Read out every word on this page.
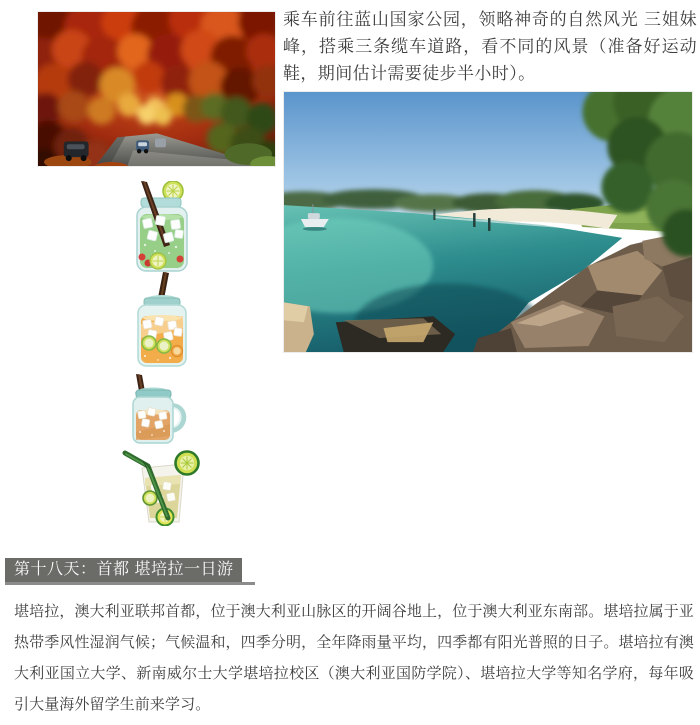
乘车前往蓝山国家公园，领略神奇的自然风光 三姐妹峰，搭乘三条缆车道路，看不同的风景（准备好运动鞋，期间估计需要徒步半小时）。

第十八天：首都 堪培拉一日游

堪培拉，澳大利亚联邦首都，位于澳大利亚山脉区的开阔谷地上，位于澳大利亚东南部。堪培拉属于亚热带季风性湿润气候；气候温和，四季分明，全年降雨量平均，四季都有阳光普照的日子。堪培拉有澳大利亚国立大学、新南威尔士大学堪培拉校区（澳大利亚国防学院）、堪培拉大学等知名学府，每年吸引大量海外留学生前来学习。
